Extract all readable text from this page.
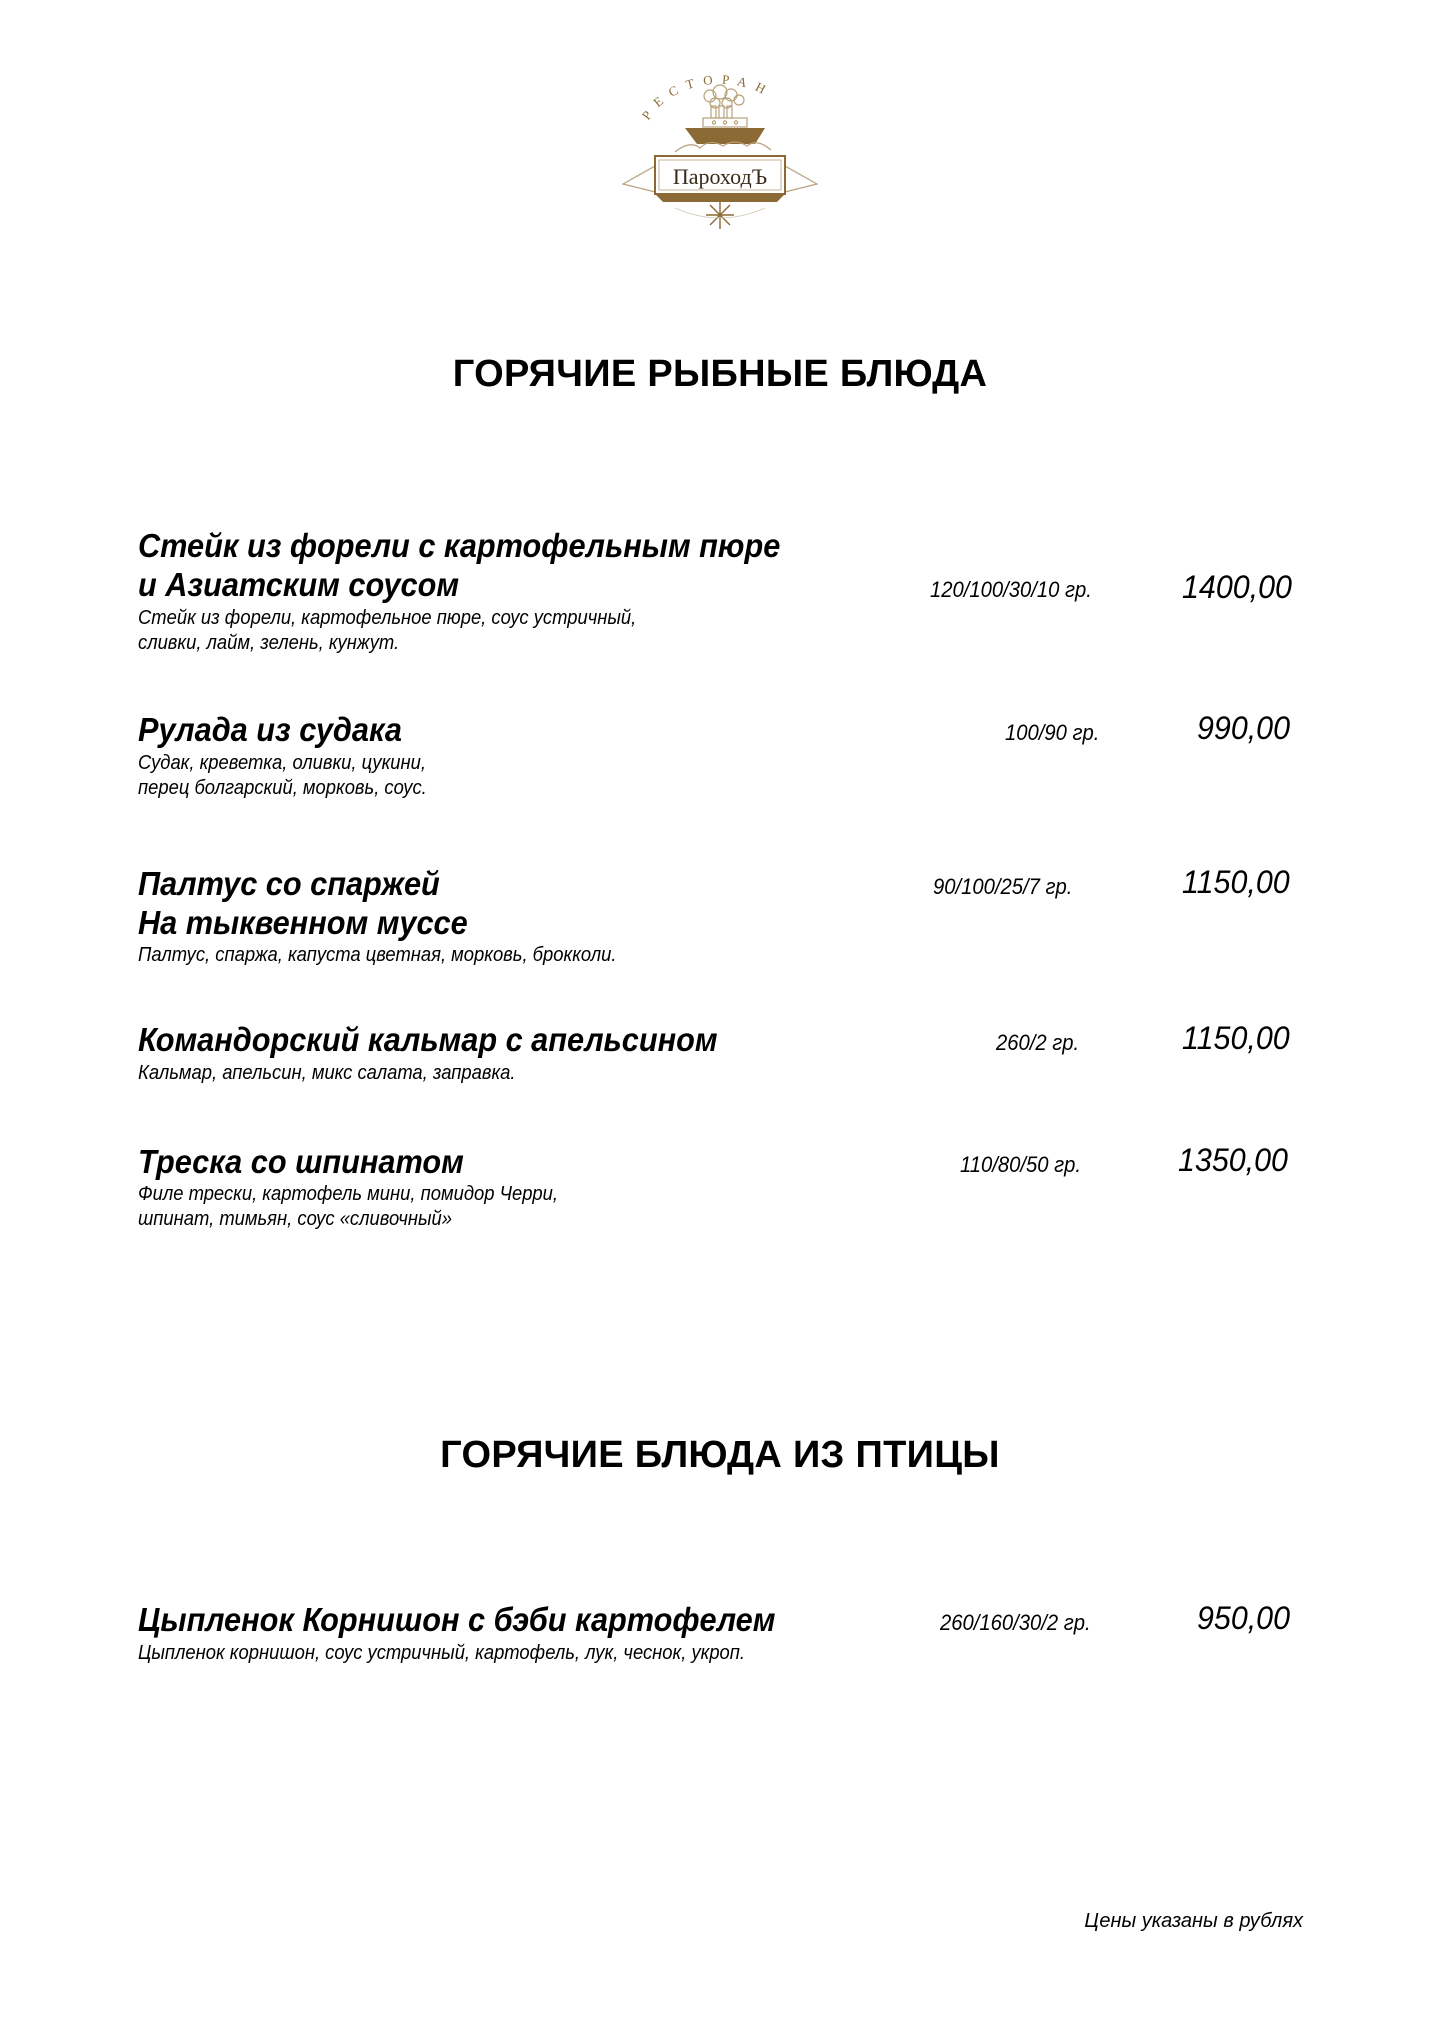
РЕСТОРАН
ПароходЪ
ГОРЯЧИЕ РЫБНЫЕ БЛЮДА
Стейк из форели с картофельным пюре
и Азиатским соусом
Стейк из форели, картофельное пюре, соус устричный,
сливки, лайм, зелень, кунжут.
120/100/30/10 гр.	1400,00
Рулада из судака
Судак, креветка, оливки, цукини,
перец болгарский, морковь, соус.
100/90 гр.	990,00
Палтус со спаржей
На тыквенном муссе
Палтус, спаржа, капуста цветная, морковь, брокколи.
90/100/25/7 гр.	1150,00
Командорский кальмар с апельсином
Кальмар, апельсин, микс салата, заправка.
260/2 гр.	1150,00
Треска со шпинатом
Филе трески, картофель мини, помидор Черри,
шпинат, тимьян, соус «сливочный»
110/80/50 гр.	1350,00
ГОРЯЧИЕ БЛЮДА ИЗ ПТИЦЫ
Цыпленок Корнишон с бэби картофелем
Цыпленок корнишон, соус устричный, картофель, лук, чеснок, укроп.
260/160/30/2 гр.	950,00
Цены указаны в рублях
